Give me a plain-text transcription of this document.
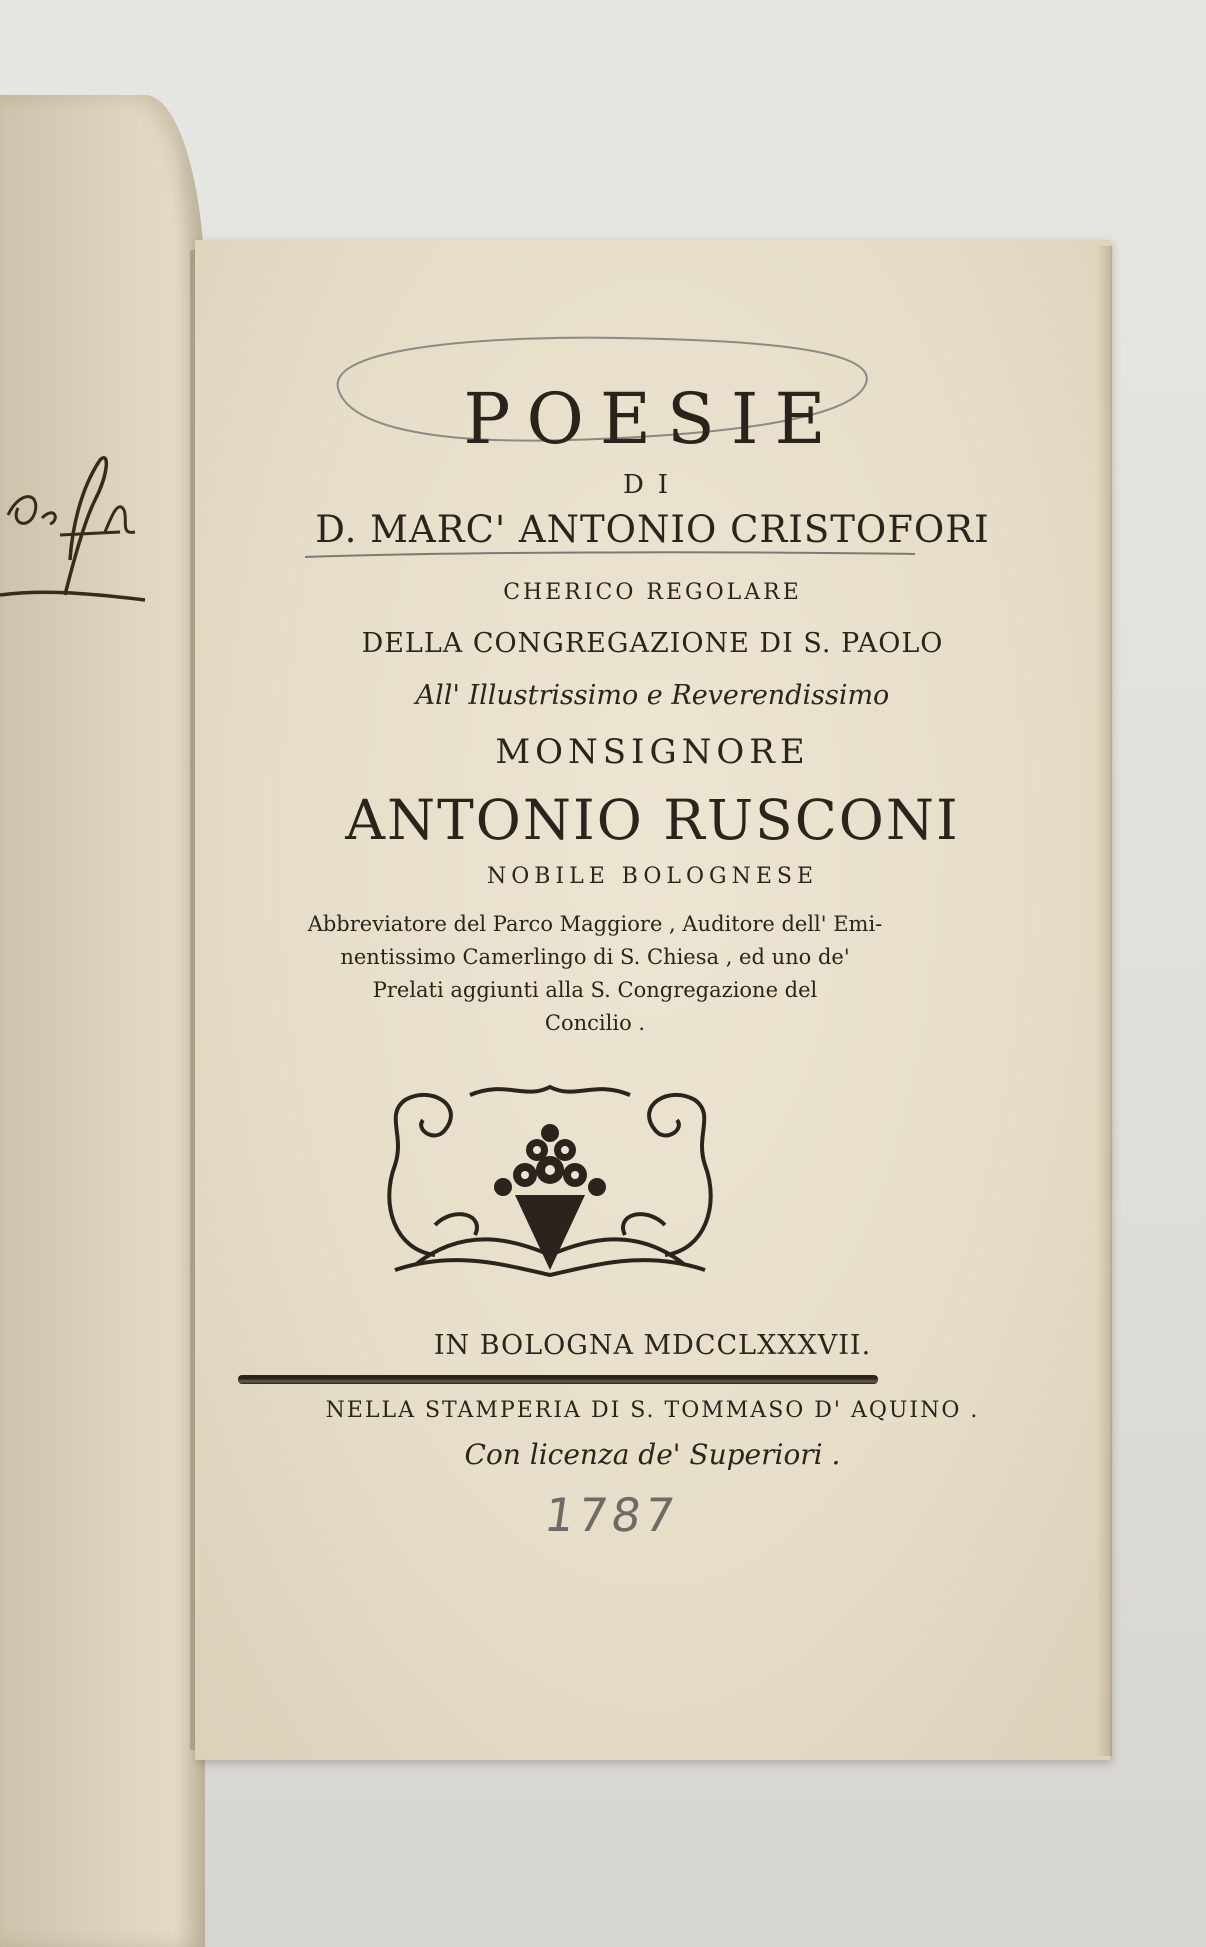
POESIE
DI
D. MARC' ANTONIO CRISTOFORI
CHERICO REGOLARE
DELLA CONGREGAZIONE DI S. PAOLO
All' Illustrissimo e Reverendissimo
MONSIGNORE
ANTONIO RUSCONI
NOBILE BOLOGNESE
Abbreviatore del Parco Maggiore , Auditore dell' Emi-
nentissimo Camerlingo di S. Chiesa , ed uno de'
Prelati aggiunti alla S. Congregazione del
Concilio .
IN BOLOGNA MDCCLXXXVII.
NELLA STAMPERIA DI S. TOMMASO D' AQUINO .
Con licenza de' Superiori .
1787
